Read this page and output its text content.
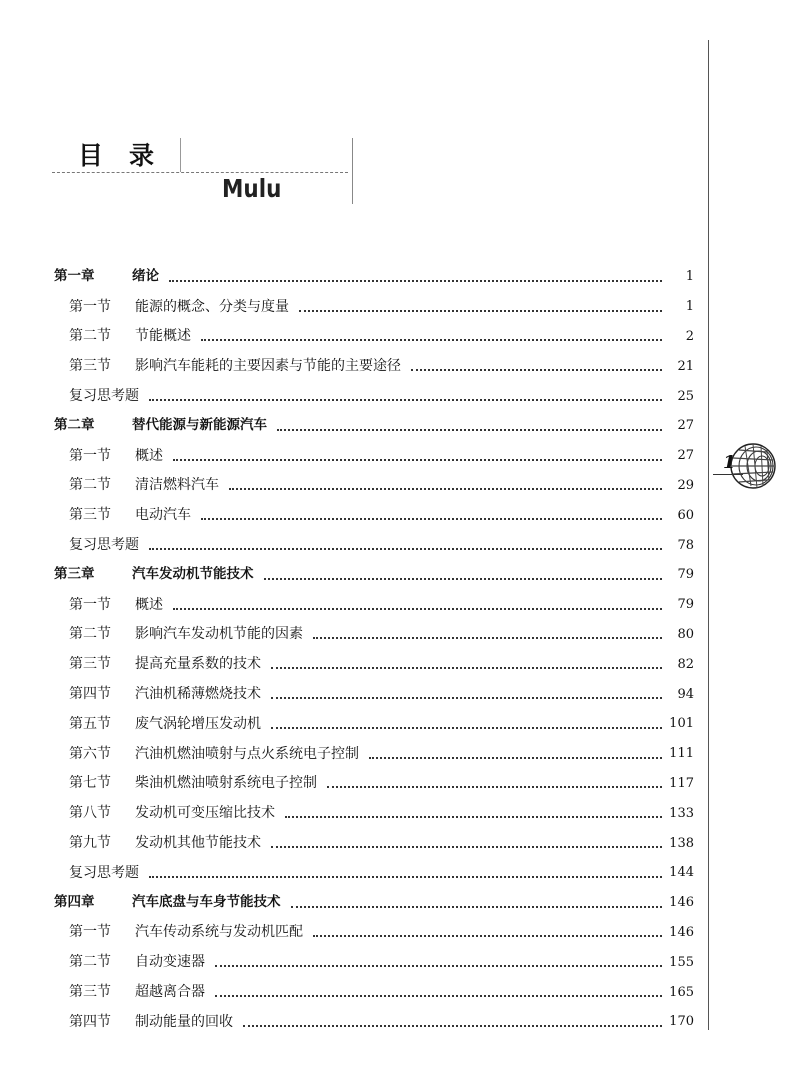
目录
Mulu
第一章	绪论	1
第一节	能源的概念、分类与度量	1
第二节	节能概述	2
第三节	影响汽车能耗的主要因素与节能的主要途径	21
复习思考题	25
第二章	替代能源与新能源汽车	27
第一节	概述	27
第二节	清洁燃料汽车	29
第三节	电动汽车	60
复习思考题	78
第三章	汽车发动机节能技术	79
第一节	概述	79
第二节	影响汽车发动机节能的因素	80
第三节	提高充量系数的技术	82
第四节	汽油机稀薄燃烧技术	94
第五节	废气涡轮增压发动机	101
第六节	汽油机燃油喷射与点火系统电子控制	111
第七节	柴油机燃油喷射系统电子控制	117
第八节	发动机可变压缩比技术	133
第九节	发动机其他节能技术	138
复习思考题	144
第四章	汽车底盘与车身节能技术	146
第一节	汽车传动系统与发动机匹配	146
第二节	自动变速器	155
第三节	超越离合器	165
第四节	制动能量的回收	170
1
